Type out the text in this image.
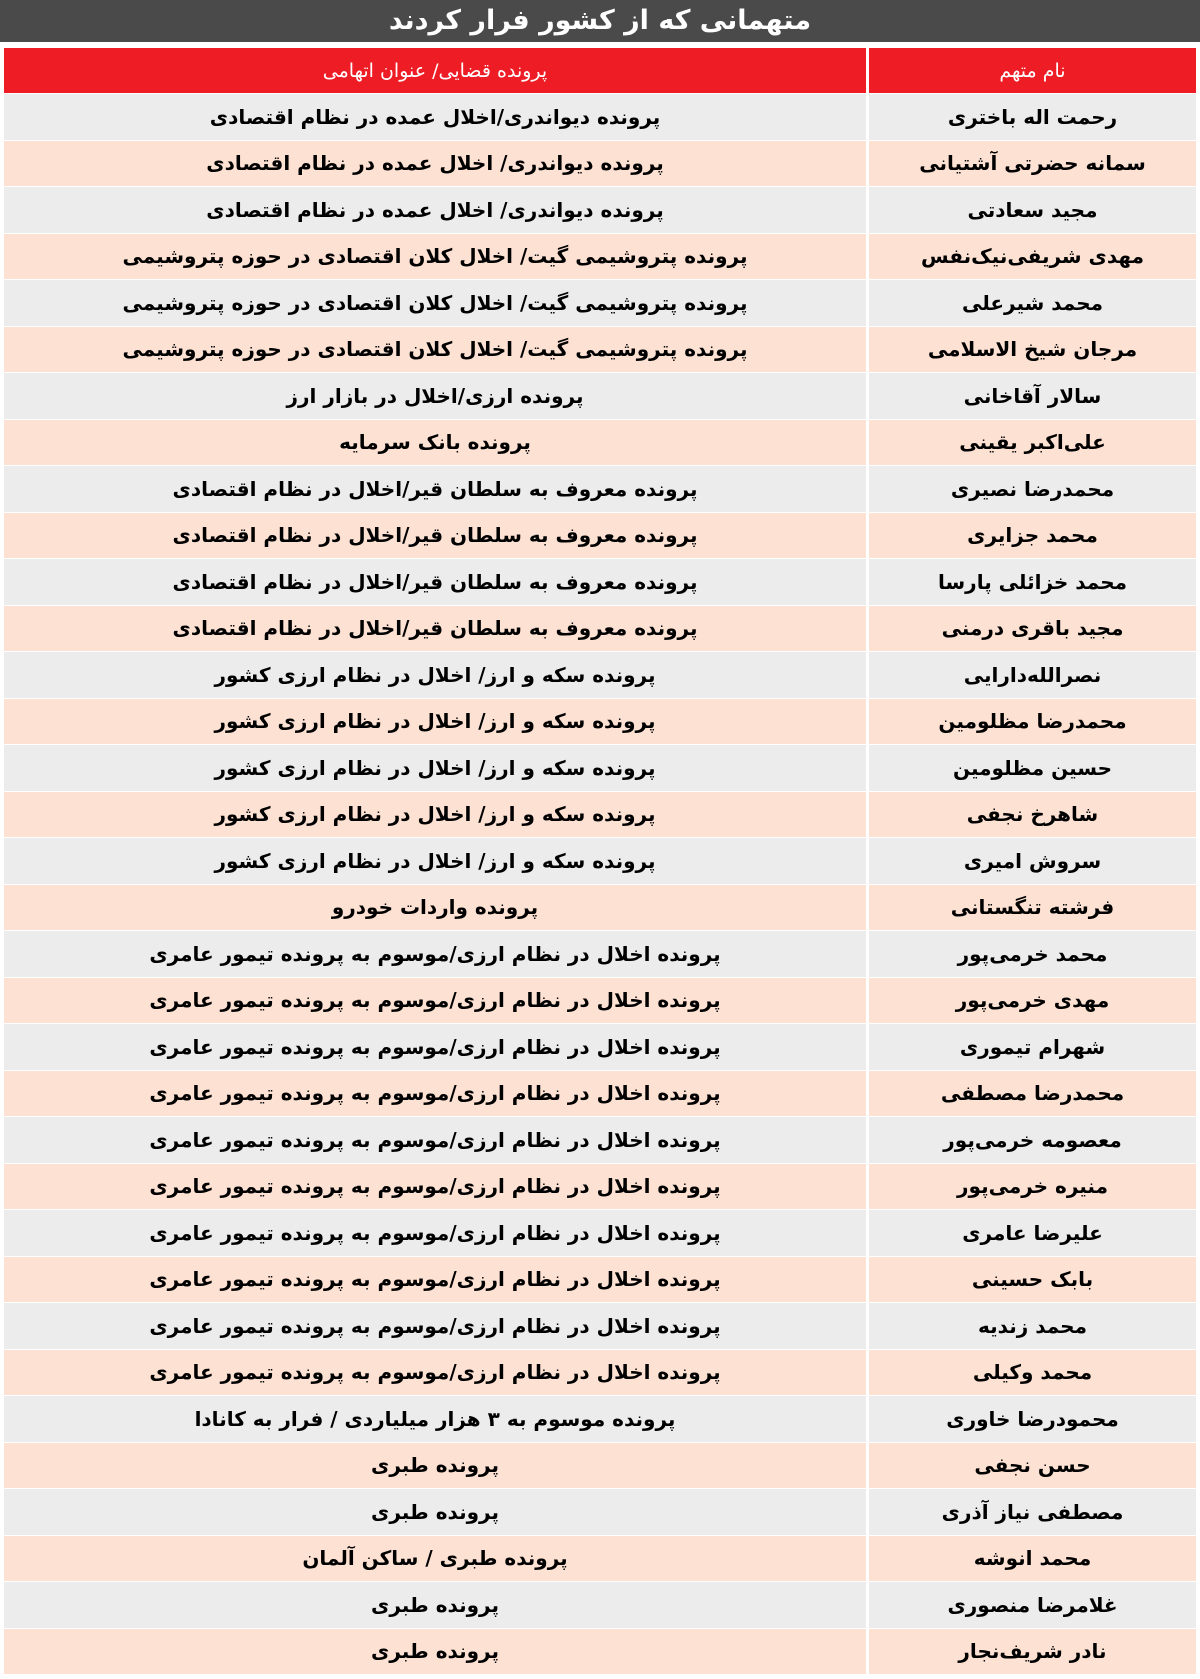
متهمانی که از کشور فرار کردند
نام متهم
پرونده قضایی/ عنوان اتهامی
رحمت اله باختری
پرونده دیواندری/اخلال عمده در نظام اقتصادی
سمانه حضرتی آشتیانی
پرونده دیواندری/ اخلال عمده در نظام اقتصادی
مجید سعادتی
پرونده دیواندری/ اخلال عمده در نظام اقتصادی
مهدی شریفی‌نیک‌نفس
پرونده پتروشیمی گیت/ اخلال کلان اقتصادی در حوزه پتروشیمی
محمد شیرعلی
پرونده پتروشیمی گیت/ اخلال کلان اقتصادی در حوزه پتروشیمی
مرجان شیخ الاسلامی
پرونده پتروشیمی گیت/ اخلال کلان اقتصادی در حوزه پتروشیمی
سالار آقاخانی
پرونده ارزی/اخلال در بازار ارز
علی‌اکبر یقینی
پرونده بانک سرمایه
محمدرضا نصیری
پرونده معروف به سلطان قیر/اخلال در نظام اقتصادی
محمد جزایری
پرونده معروف به سلطان قیر/اخلال در نظام اقتصادی
محمد خزائلی پارسا
پرونده معروف به سلطان قیر/اخلال در نظام اقتصادی
مجید باقری درمنی
پرونده معروف به سلطان قیر/اخلال در نظام اقتصادی
نصرالله‌دارایی
پرونده سکه و ارز/ اخلال در نظام ارزی کشور
محمدرضا مظلومین
پرونده سکه و ارز/ اخلال در نظام ارزی کشور
حسین مظلومین
پرونده سکه و ارز/ اخلال در نظام ارزی کشور
شاهرخ نجفی
پرونده سکه و ارز/ اخلال در نظام ارزی کشور
سروش امیری
پرونده سکه و ارز/ اخلال در نظام ارزی کشور
فرشته تنگستانی
پرونده واردات خودرو
محمد خرمی‌پور
پرونده اخلال در نظام ارزی/موسوم به پرونده تیمور عامری
مهدی خرمی‌پور
پرونده اخلال در نظام ارزی/موسوم به پرونده تیمور عامری
شهرام تیموری
پرونده اخلال در نظام ارزی/موسوم به پرونده تیمور عامری
محمدرضا مصطفی
پرونده اخلال در نظام ارزی/موسوم به پرونده تیمور عامری
معصومه خرمی‌پور
پرونده اخلال در نظام ارزی/موسوم به پرونده تیمور عامری
منیره خرمی‌پور
پرونده اخلال در نظام ارزی/موسوم به پرونده تیمور عامری
علیرضا عامری
پرونده اخلال در نظام ارزی/موسوم به پرونده تیمور عامری
بابک حسینی
پرونده اخلال در نظام ارزی/موسوم به پرونده تیمور عامری
محمد زندیه
پرونده اخلال در نظام ارزی/موسوم به پرونده تیمور عامری
محمد وکیلی
پرونده اخلال در نظام ارزی/موسوم به پرونده تیمور عامری
محمودرضا خاوری
پرونده موسوم به ۳ هزار میلیاردی / فرار به کانادا
حسن نجفی
پرونده طبری
مصطفی نیاز آذری
پرونده طبری
محمد انوشه
پرونده طبری / ساکن آلمان
غلامرضا منصوری
پرونده طبری
نادر شریف‌نجار
پرونده طبری
